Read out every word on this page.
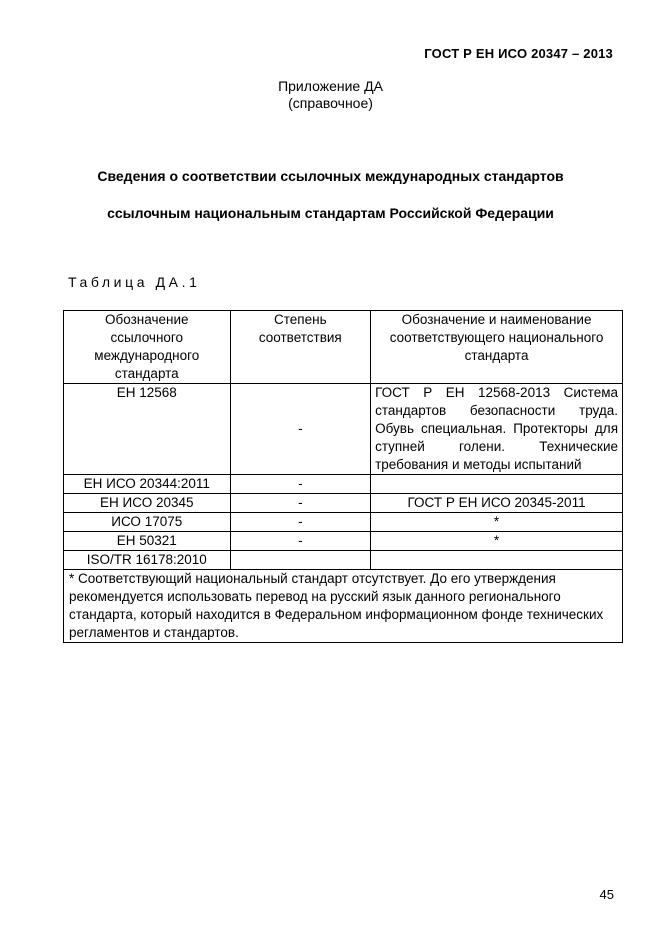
ГОСТ Р ЕН ИСО 20347 – 2013
Приложение ДА
(справочное)
Сведения о соответствии ссылочных международных стандартов
ссылочным национальным стандартам Российской Федерации
Таблица ДА.1
Обозначение ссылочного международного стандарта	Степень соответствия	Обозначение и наименование соответствующего национального стандарта
ЕН 12568	-	ГОСТ Р ЕН 12568-2013 Система стандартов безопасности труда. Обувь специальная. Протекторы для ступней голени. Технические требования и методы испытаний
ЕН ИСО 20344:2011	-	
ЕН ИСО 20345	-	ГОСТ Р ЕН ИСО 20345-2011
ИСО 17075	-	*
ЕН 50321	-	*
ISO/TR 16178:2010		
* Соответствующий национальный стандарт отсутствует. До его утверждения рекомендуется использовать перевод на русский язык данного регионального стандарта, который находится в Федеральном информационном фонде технических регламентов и стандартов.		
45
